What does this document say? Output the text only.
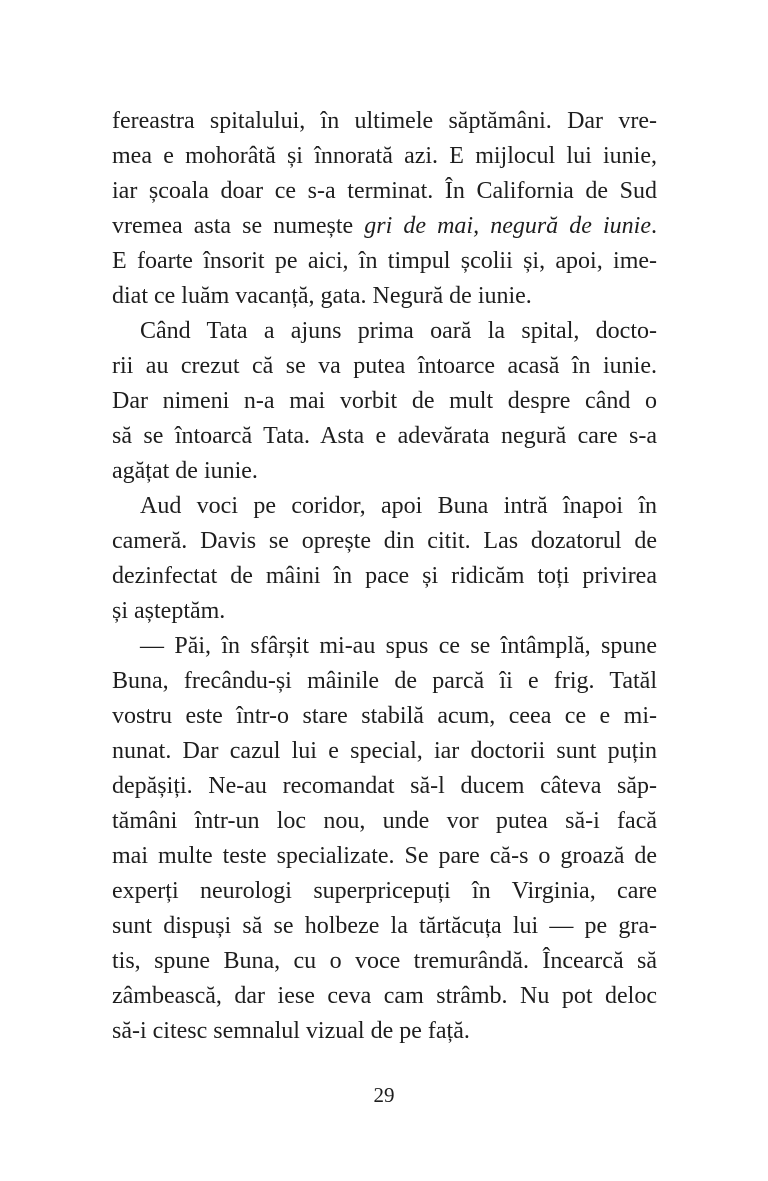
fereastra spitalului, în ultimele săptămâni. Dar vre-
mea e mohorâtă și înnorată azi. E mijlocul lui iunie,
iar școala doar ce s-a terminat. În California de Sud
vremea asta se numește gri de mai, negură de iunie.
E foarte însorit pe aici, în timpul școlii și, apoi, ime-
diat ce luăm vacanță, gata. Negură de iunie.
Când Tata a ajuns prima oară la spital, docto-
rii au crezut că se va putea întoarce acasă în iunie.
Dar nimeni n-a mai vorbit de mult despre când o
să se întoarcă Tata. Asta e adevărata negură care s-a
agățat de iunie.
Aud voci pe coridor, apoi Buna intră înapoi în
cameră. Davis se oprește din citit. Las dozatorul de
dezinfectat de mâini în pace și ridicăm toți privirea
și așteptăm.
— Păi, în sfârșit mi-au spus ce se întâmplă, spune
Buna, frecându-și mâinile de parcă îi e frig. Tatăl
vostru este într-o stare stabilă acum, ceea ce e mi-
nunat. Dar cazul lui e special, iar doctorii sunt puțin
depășiți. Ne-au recomandat să-l ducem câteva săp-
tămâni într-un loc nou, unde vor putea să-i facă
mai multe teste specializate. Se pare că-s o groază de
experți neurologi superpricepuți în Virginia, care
sunt dispuși să se holbeze la tărtăcuța lui — pe gra-
tis, spune Buna, cu o voce tremurândă. Încearcă să
zâmbească, dar iese ceva cam strâmb. Nu pot deloc
să-i citesc semnalul vizual de pe față.
29
